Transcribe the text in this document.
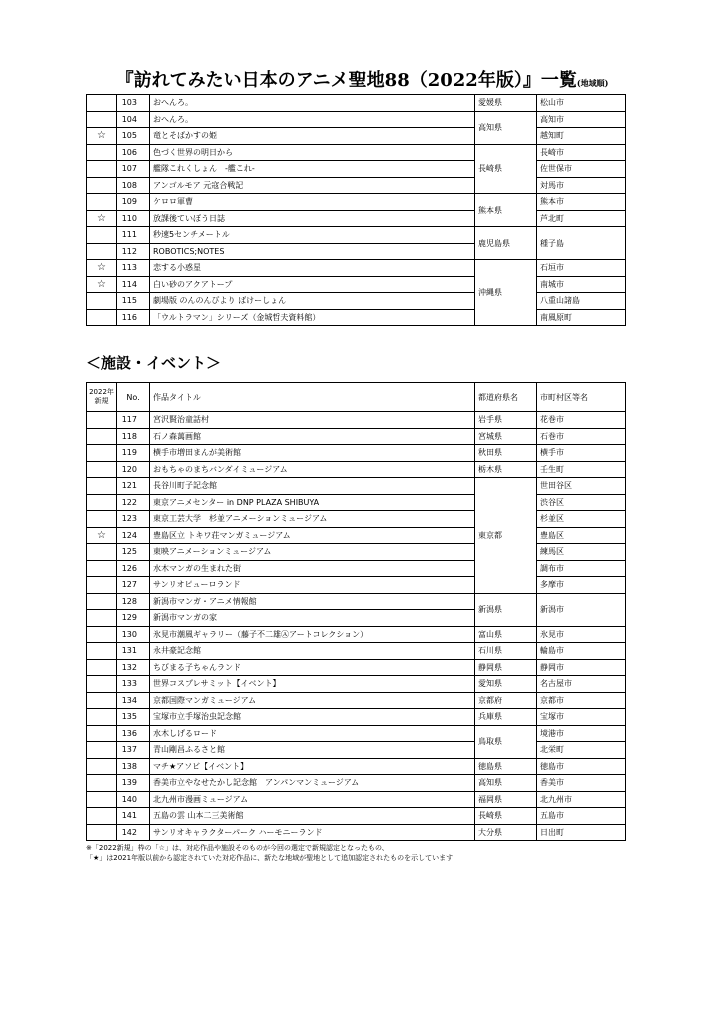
『訪れてみたい日本のアニメ聖地88（2022年版）』一覧(地域順)
	103	おへんろ。	愛媛県	松山市
	104	おへんろ。	高知県	高知市
☆	105	竜とそばかすの姫		越知町
	106	色づく世界の明日から	長崎県	長崎市
	107	艦隊これくしょん　-艦これ-		佐世保市
	108	アンゴルモア 元寇合戦記		対馬市
	109	ケロロ軍曹	熊本県	熊本市
☆	110	放課後ていぼう日誌		芦北町
	111	秒速5センチメートル	鹿児島県	種子島
	112	ROBOTICS;NOTES		
☆	113	恋する小惑星	沖縄県	石垣市
☆	114	白い砂のアクアトープ		南城市
	115	劇場版 のんのんびより ばけーしょん		八重山諸島
	116	「ウルトラマン」シリーズ（金城哲夫資料館）		南風原町
＜施設・イベント＞
2022年
新規	No.	作品タイトル	都道府県名	市町村区等名
	117	宮沢賢治童話村	岩手県	花巻市
	118	石ノ森萬画館	宮城県	石巻市
	119	横手市増田まんが美術館	秋田県	横手市
	120	おもちゃのまちバンダイミュージアム	栃木県	壬生町
	121	長谷川町子記念館	東京都	世田谷区
	122	東京アニメセンター in DNP PLAZA SHIBUYA		渋谷区
	123	東京工芸大学　杉並アニメーションミュージアム		杉並区
☆	124	豊島区立 トキワ荘マンガミュージアム		豊島区
	125	東映アニメーションミュージアム		練馬区
	126	水木マンガの生まれた街		調布市
	127	サンリオピューロランド		多摩市
	128	新潟市マンガ・アニメ情報館	新潟県	新潟市
	129	新潟市マンガの家		
	130	氷見市潮風ギャラリー（藤子不二雄Ⓐアートコレクション）	富山県	氷見市
	131	永井豪記念館	石川県	輪島市
	132	ちびまる子ちゃんランド	静岡県	静岡市
	133	世界コスプレサミット【イベント】	愛知県	名古屋市
	134	京都国際マンガミュージアム	京都府	京都市
	135	宝塚市立手塚治虫記念館	兵庫県	宝塚市
	136	水木しげるロード	鳥取県	境港市
	137	青山剛昌ふるさと館		北栄町
	138	マチ★アソビ【イベント】	徳島県	徳島市
	139	香美市立やなせたかし記念館　アンパンマンミュージアム	高知県	香美市
	140	北九州市漫画ミュージアム	福岡県	北九州市
	141	五島の雲 山本二三美術館	長崎県	五島市
	142	サンリオキャラクターパーク ハーモニーランド	大分県	日出町
※「2022新規」枠の「☆」は、対応作品や施設そのものが今回の選定で新規認定となったもの、
「★」は2021年版以前から認定されていた対応作品に、新たな地域が聖地として追加認定されたものを示しています
